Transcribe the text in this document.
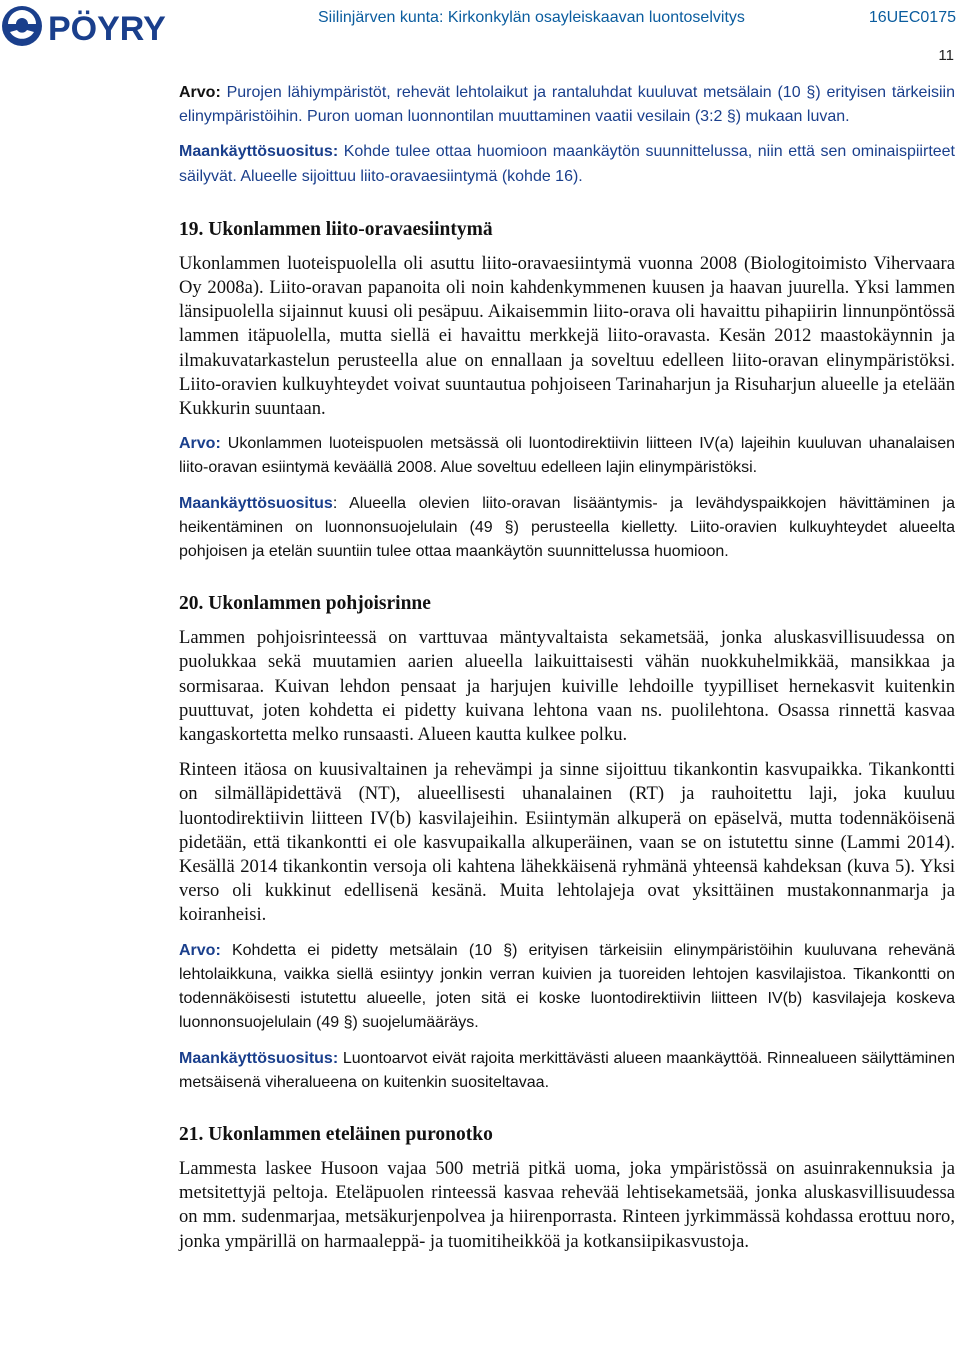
PÖYRY	Siilinjärven kunta: Kirkonkylän osayleiskaavan luontoselvitys	16UEC0175
11

Arvo: Purojen lähiympäristöt, rehevät lehtolaikut ja rantaluhdat kuuluvat metsälain (10 §) erityisen tärkeisiin elinympäristöihin. Puron uoman luonnontilan muuttaminen vaatii vesilain (3:2 §) mukaan luvan.

Maankäyttösuositus: Kohde tulee ottaa huomioon maankäytön suunnittelussa, niin että sen ominaispiirteet säilyvät. Alueelle sijoittuu liito-oravaesiintymä (kohde 16).

19. Ukonlammen liito-oravaesiintymä

Ukonlammen luoteispuolella oli asuttu liito-oravaesiintymä vuonna 2008 (Biologitoimisto Vihervaara Oy 2008a). Liito-oravan papanoita oli noin kahdenkymmenen kuusen ja haavan juurella. Yksi lammen länsipuolella sijainnut kuusi oli pesäpuu. Aikaisemmin liito-orava oli havaittu pihapiirin linnunpöntössä lammen itäpuolella, mutta siellä ei havaittu merkkejä liito-oravasta. Kesän 2012 maastokäynnin ja ilmakuvatarkastelun perusteella alue on ennallaan ja soveltuu edelleen liito-oravan elinympäristöksi. Liito-oravien kulkuyhteydet voivat suuntautua pohjoiseen Tarinaharjun ja Risuharjun alueelle ja etelään Kukkurin suuntaan.

Arvo: Ukonlammen luoteispuolen metsässä oli luontodirektiivin liitteen IV(a) lajeihin kuuluvan uhanalaisen liito-oravan esiintymä keväällä 2008. Alue soveltuu edelleen lajin elinympäristöksi.

Maankäyttösuositus: Alueella olevien liito-oravan lisääntymis- ja levähdyspaikkojen hävittäminen ja heikentäminen on luonnonsuojelulain (49 §) perusteella kielletty. Liito-oravien kulkuyhteydet alueelta pohjoisen ja etelän suuntiin tulee ottaa maankäytön suunnittelussa huomioon.

20. Ukonlammen pohjoisrinne

Lammen pohjoisrinteessä on varttuvaa mäntyvaltaista sekametsää, jonka aluskasvillisuudessa on puolukkaa sekä muutamien aarien alueella laikuittaisesti vähän nuokkuhelmikkää, mansikkaa ja sormisaraa. Kuivan lehdon pensaat ja harjujen kuiville lehdoille tyypilliset hernekasvit kuitenkin puuttuvat, joten kohdetta ei pidetty kuivana lehtona vaan ns. puolilehtona. Osassa rinnettä kasvaa kangaskortetta melko runsaasti. Alueen kautta kulkee polku.

Rinteen itäosa on kuusivaltainen ja rehevämpi ja sinne sijoittuu tikankontin kasvupaikka. Tikankontti on silmälläpidettävä (NT), alueellisesti uhanalainen (RT) ja rauhoitettu laji, joka kuuluu luontodirektiivin liitteen IV(b) kasvilajeihin. Esiintymän alkuperä on epäselvä, mutta todennäköisenä pidetään, että tikankontti ei ole kasvupaikalla alkuperäinen, vaan se on istutettu sinne (Lammi 2014). Kesällä 2014 tikankontin versoja oli kahtena lähekkäisenä ryhmänä yhteensä kahdeksan (kuva 5). Yksi verso oli kukkinut edellisenä kesänä. Muita lehtolajeja ovat yksittäinen mustakonnanmarja ja koiranheisi.

Arvo: Kohdetta ei pidetty metsälain (10 §) erityisen tärkeisiin elinympäristöihin kuuluvana rehevänä lehtolaikkuna, vaikka siellä esiintyy jonkin verran kuivien ja tuoreiden lehtojen kasvilajistoa. Tikankontti on todennäköisesti istutettu alueelle, joten sitä ei koske luontodirektiivin liitteen IV(b) kasvilajeja koskeva luonnonsuojelulain (49 §) suojelumääräys.

Maankäyttösuositus: Luontoarvot eivät rajoita merkittävästi alueen maankäyttöä. Rinnealueen säilyttäminen metsäisenä viheralueena on kuitenkin suositeltavaa.

21. Ukonlammen eteläinen puronotko

Lammesta laskee Husoon vajaa 500 metriä pitkä uoma, joka ympäristössä on asuinrakennuksia ja metsitettyjä peltoja. Eteläpuolen rinteessä kasvaa rehevää lehtisekametsää, jonka aluskasvillisuudessa on mm. sudenmarjaa, metsäkurjenpolvea ja hiirenporrasta. Rinteen jyrkimmässä kohdassa erottuu noro, jonka ympärillä on harmaaleppä- ja tuomitiheikköä ja kotkansiipikasvustoja.
